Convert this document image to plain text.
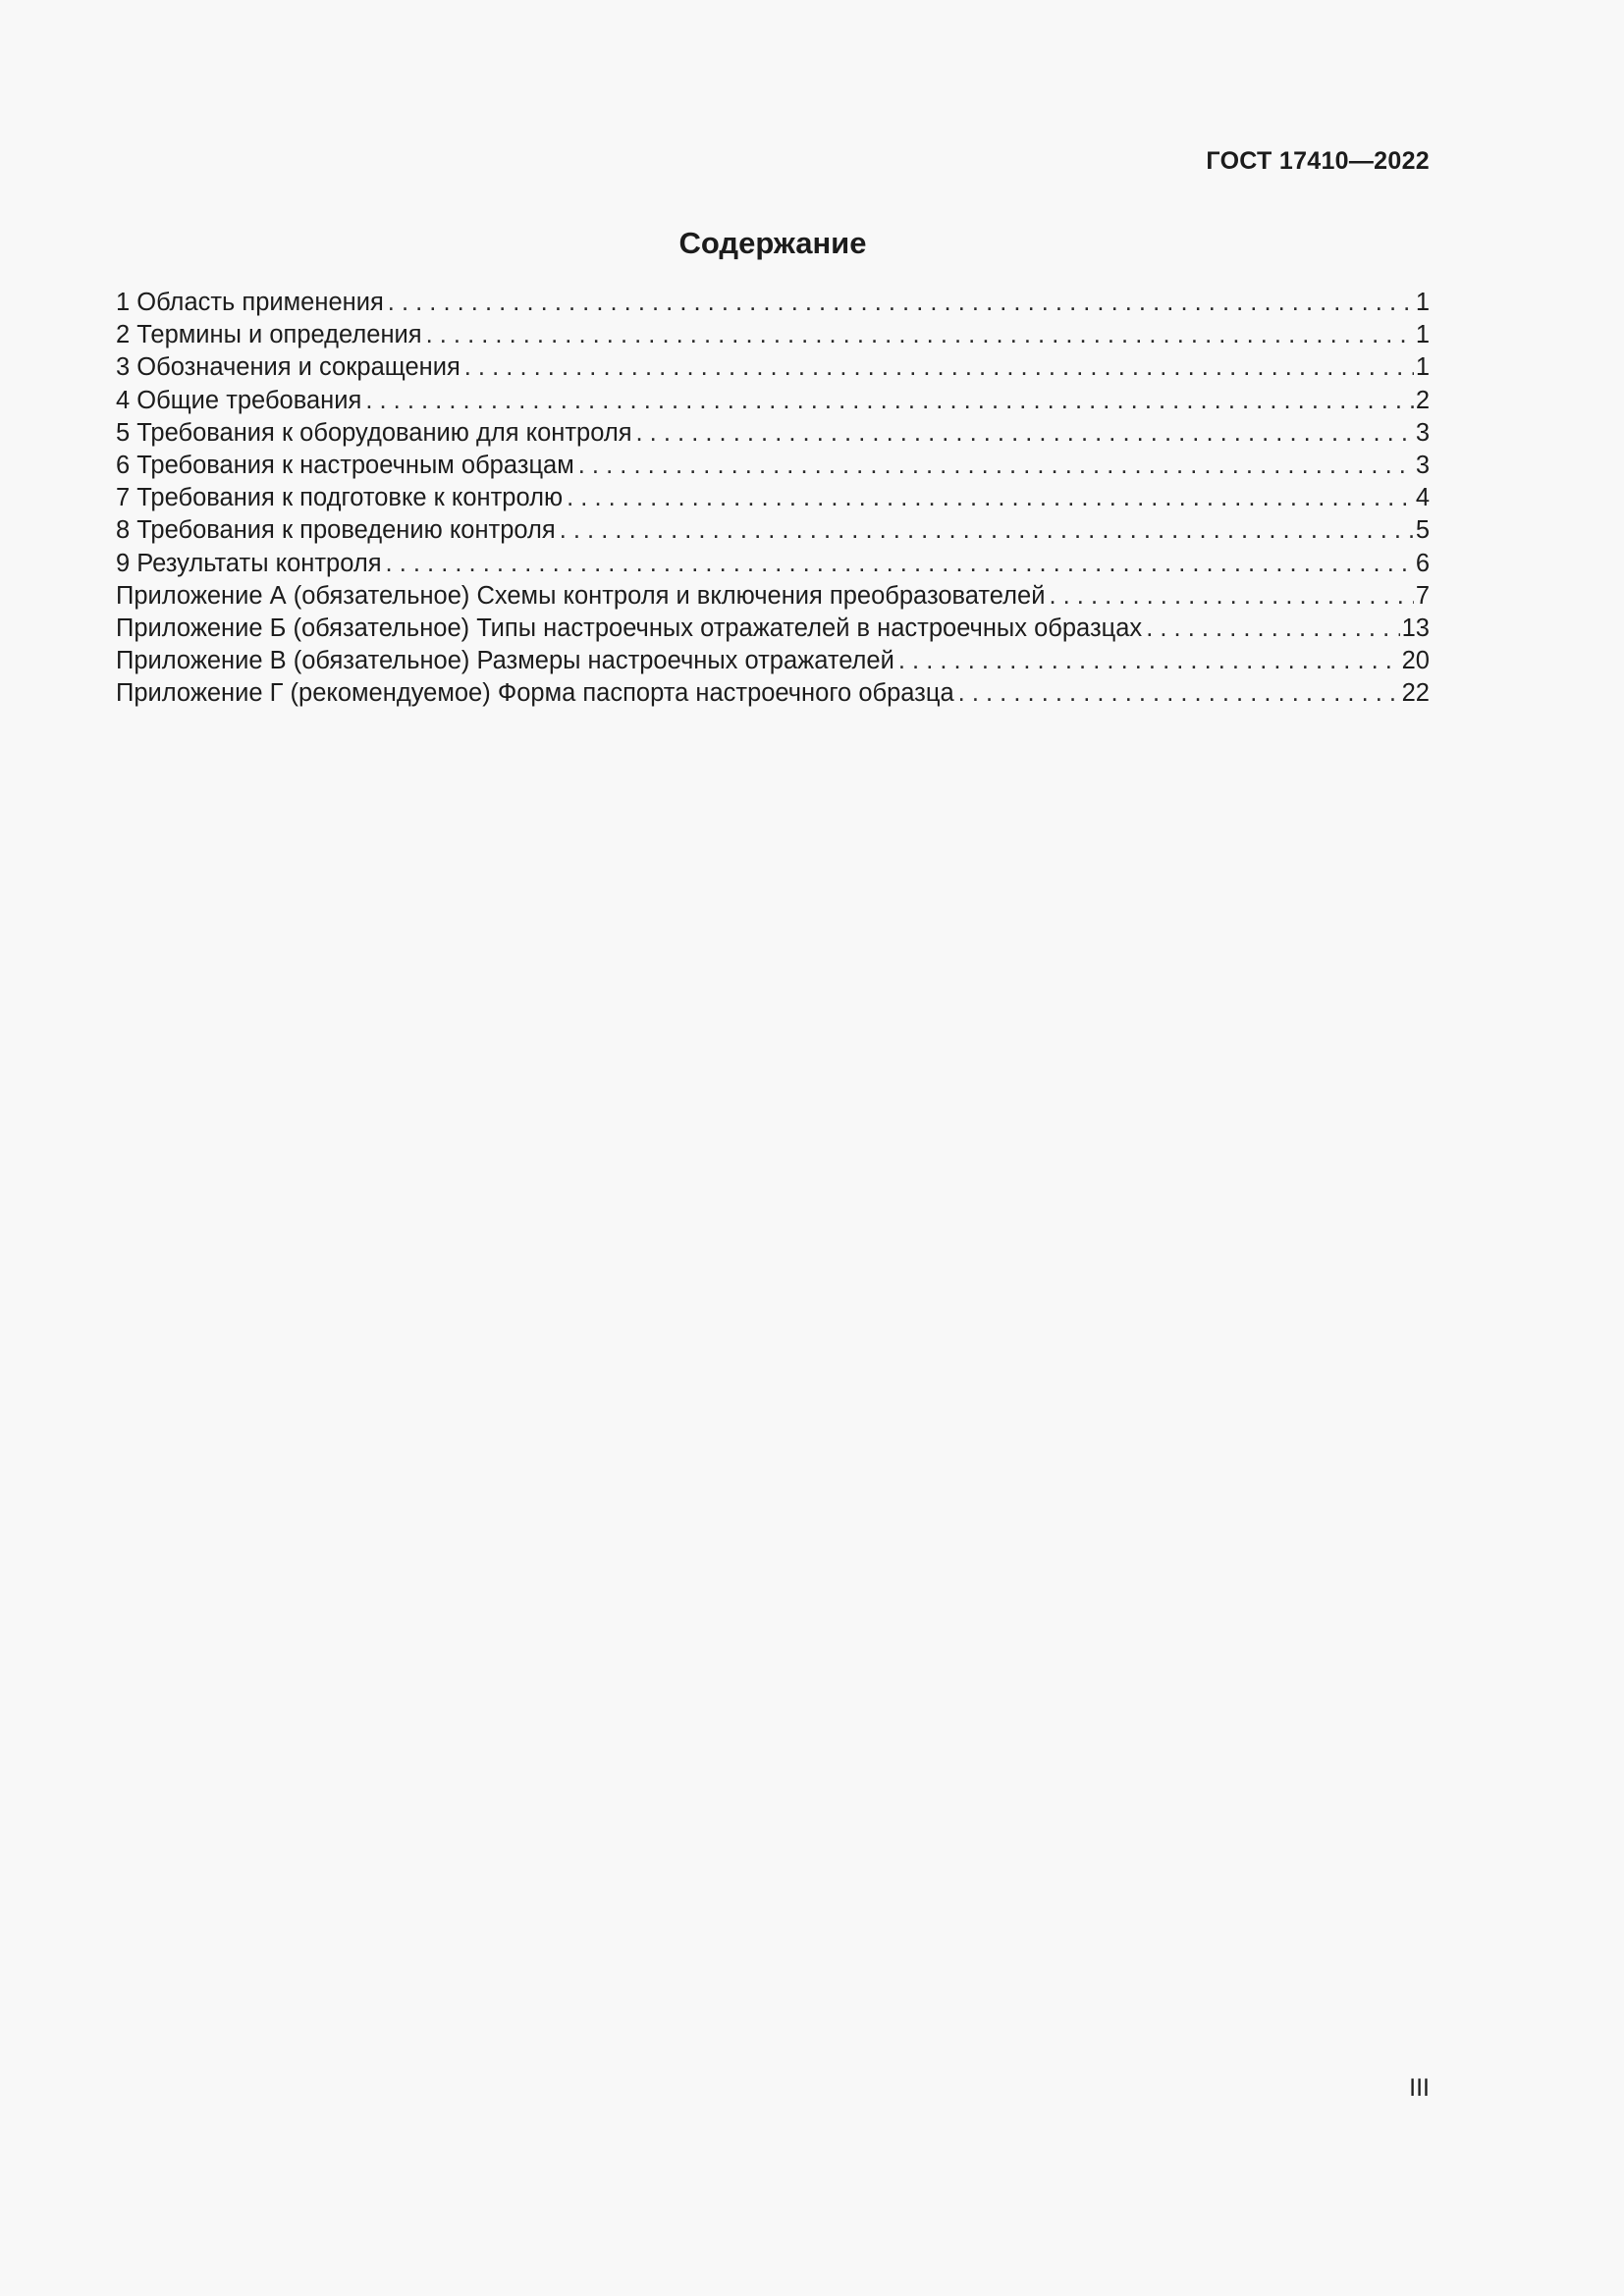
ГОСТ 17410—2022
Содержание
1 Область применения . . .	1
2 Термины и определения . . .	1
3 Обозначения и сокращения . . .	1
4 Общие требования . . .	2
5 Требования к оборудованию для контроля . . .	3
6 Требования к настроечным образцам . . .	3
7 Требования к подготовке к контролю . . .	4
8 Требования к проведению контроля . . .	5
9 Результаты контроля . . .	6
Приложение А (обязательное) Схемы контроля и включения преобразователей . . .	7
Приложение Б (обязательное) Типы настроечных отражателей в настроечных образцах . . .	13
Приложение В (обязательное) Размеры настроечных отражателей . . .	20
Приложение Г (рекомендуемое) Форма паспорта настроечного образца . . .	22
III
